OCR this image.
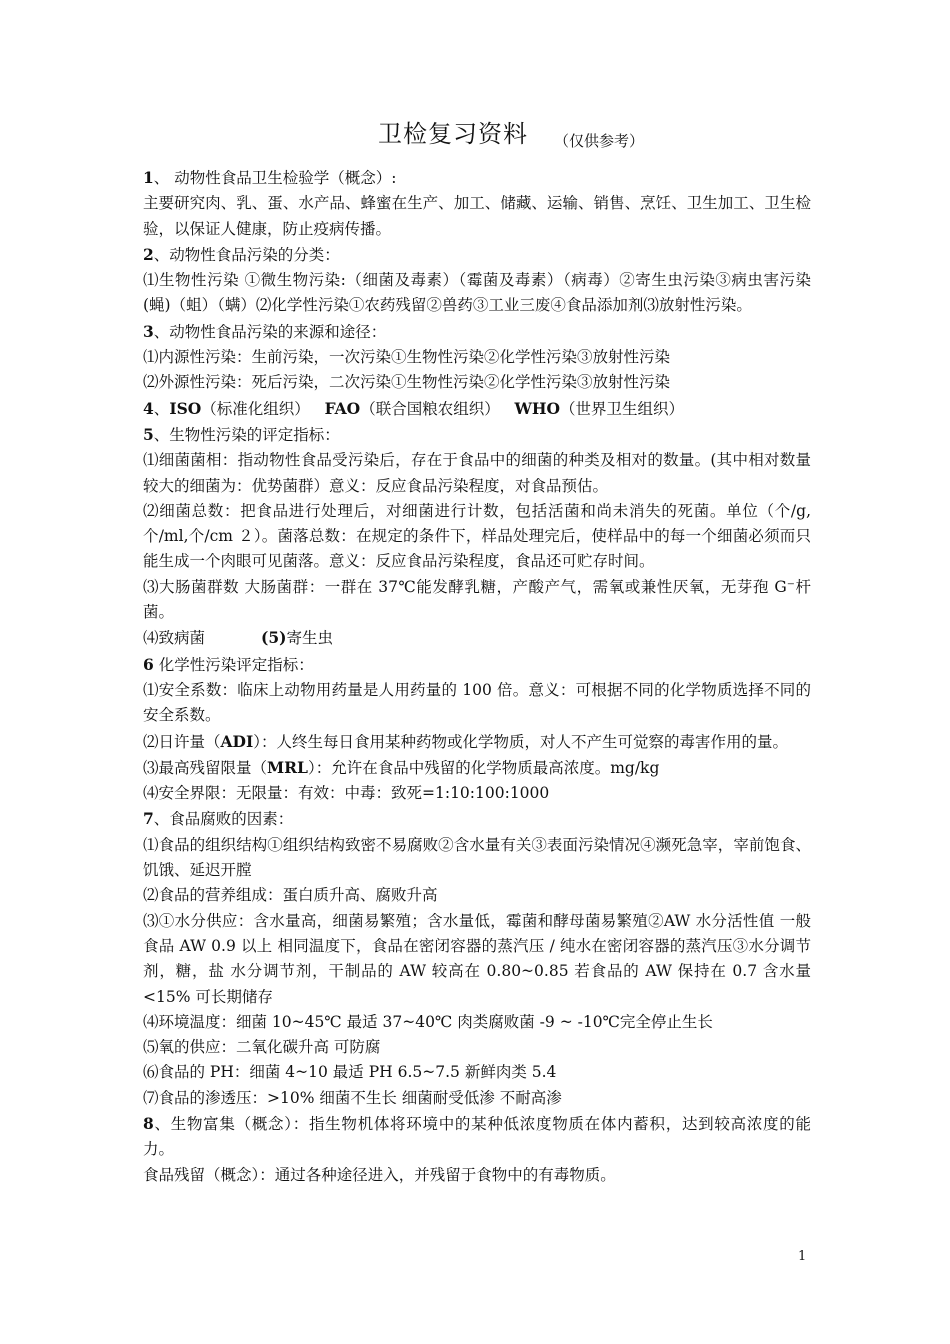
卫检复习资料 （仅供参考）

1、 动物性食品卫生检验学（概念）:

主要研究肉、乳、蛋、水产品、蜂蜜在生产、加工、储藏、运输、销售、烹饪、卫生加工、卫生检验，以保证人健康，防止疫病传播。

2、动物性食品污染的分类：

⑴生物性污染 ①微生物污染:（细菌及毒素）（霉菌及毒素）（病毒）②寄生虫污染③病虫害污染(蝇)（蛆）（螨）⑵化学性污染①农药残留②兽药③工业三废④食品添加剂⑶放射性污染。

3、动物性食品污染的来源和途径：

⑴内源性污染：生前污染，一次污染①生物性污染②化学性污染③放射性污染

⑵外源性污染：死后污染，二次污染①生物性污染②化学性污染③放射性污染

4、ISO（标准化组织） FAO（联合国粮农组织） WHO（世界卫生组织）

5、生物性污染的评定指标：

⑴细菌菌相：指动物性食品受污染后，存在于食品中的细菌的种类及相对的数量。(其中相对数量较大的细菌为：优势菌群）意义：反应食品污染程度，对食品预估。

⑵细菌总数：把食品进行处理后，对细菌进行计数，包括活菌和尚未消失的死菌。单位（个/g,个/ml,个/cm ２）。菌落总数：在规定的条件下，样品处理完后，使样品中的每一个细菌必须而只能生成一个肉眼可见菌落。意义：反应食品污染程度，食品还可贮存时间。

⑶大肠菌群数 大肠菌群：一群在 37℃能发酵乳糖，产酸产气，需氧或兼性厌氧，无芽孢 G⁻杆菌。

⑷致病菌	(5)寄生虫

6 化学性污染评定指标：

⑴安全系数：临床上动物用药量是人用药量的 100 倍。意义：可根据不同的化学物质选择不同的安全系数。

⑵日许量（ADI）：人终生每日食用某种药物或化学物质，对人不产生可觉察的毒害作用的量。

⑶最高残留限量（MRL）：允许在食品中残留的化学物质最高浓度。mg/kg

⑷安全界限：无限量：有效：中毒：致死=1:10:100:1000

7、食品腐败的因素：

⑴食品的组织结构①组织结构致密不易腐败②含水量有关③表面污染情况④濒死急宰，宰前饱食、饥饿、延迟开膛

⑵食品的营养组成：蛋白质升高、腐败升高

⑶①水分供应：含水量高，细菌易繁殖；含水量低，霉菌和酵母菌易繁殖②AW 水分活性值 一般食品 AW 0.9 以上 相同温度下，食品在密闭容器的蒸汽压 / 纯水在密闭容器的蒸汽压③水分调节剂，糖，盐 水分调节剂，干制品的 AW 较高在 0.80~0.85 若食品的 AW 保持在 0.7 含水量<15% 可长期储存

⑷环境温度：细菌 10~45℃ 最适 37~40℃ 肉类腐败菌 -9 ~ -10℃完全停止生长

⑸氧的供应：二氧化碳升高 可防腐

⑹食品的 PH：细菌 4~10 最适 PH 6.5~7.5 新鲜肉类 5.4

⑺食品的渗透压：>10% 细菌不生长 细菌耐受低渗 不耐高渗

8、生物富集（概念）：指生物机体将环境中的某种低浓度物质在体内蓄积，达到较高浓度的能力。

食品残留（概念）：通过各种途径进入，并残留于食物中的有毒物质。

1
